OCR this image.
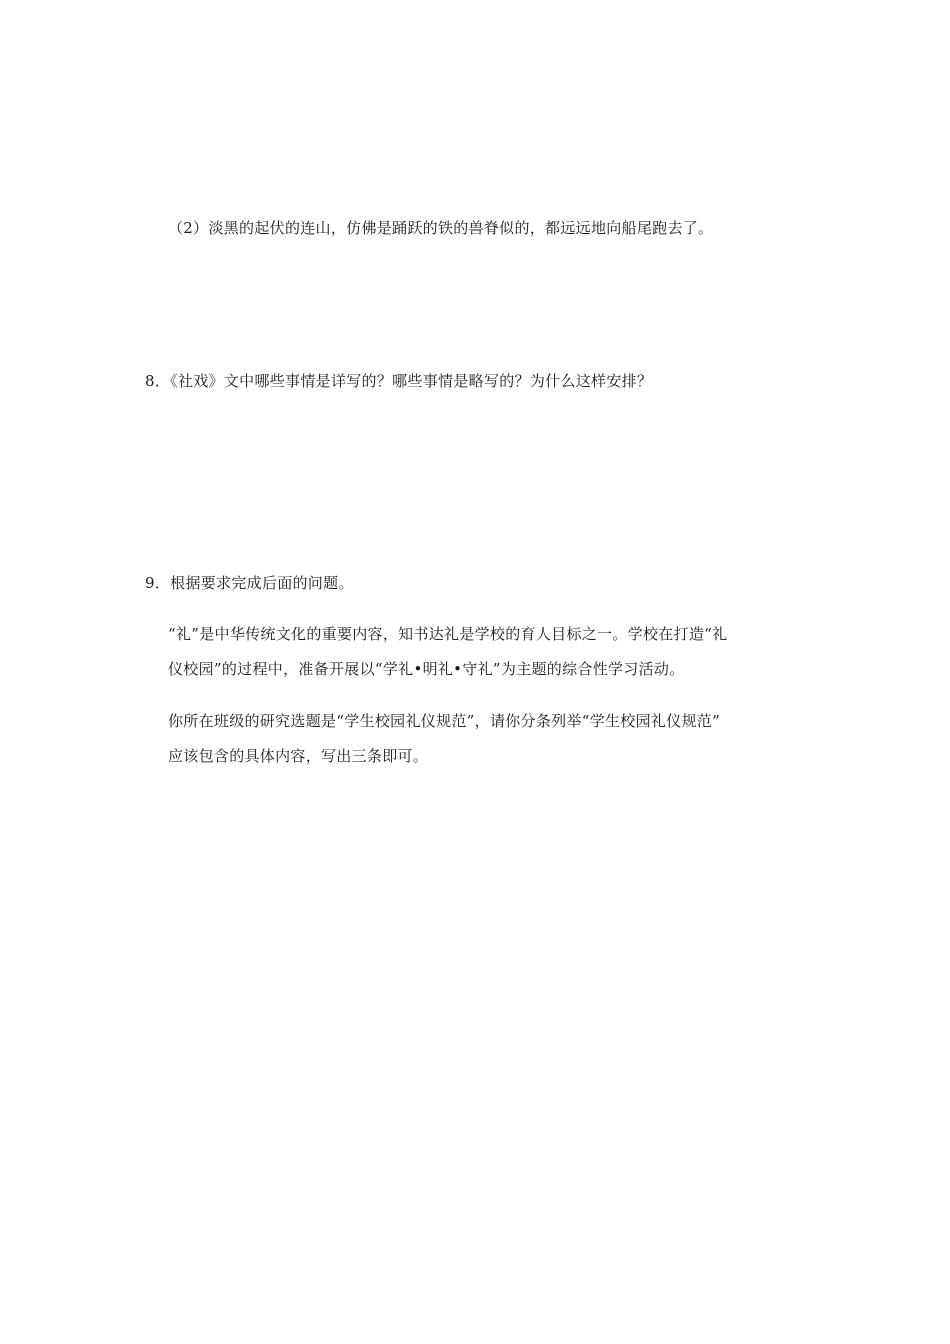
（2）淡黑的起伏的连山，仿佛是踊跃的铁的兽脊似的，都远远地向船尾跑去了。
8．《社戏》文中哪些事情是详写的？哪些事情是略写的？为什么这样安排？
9．根据要求完成后面的问题。
“礼”是中华传统文化的重要内容，知书达礼是学校的育人目标之一。学校在打造“礼
仪校园”的过程中，准备开展以“学礼•明礼•守礼”为主题的综合性学习活动。
你所在班级的研究选题是“学生校园礼仪规范”，请你分条列举“学生校园礼仪规范”
应该包含的具体内容，写出三条即可。
